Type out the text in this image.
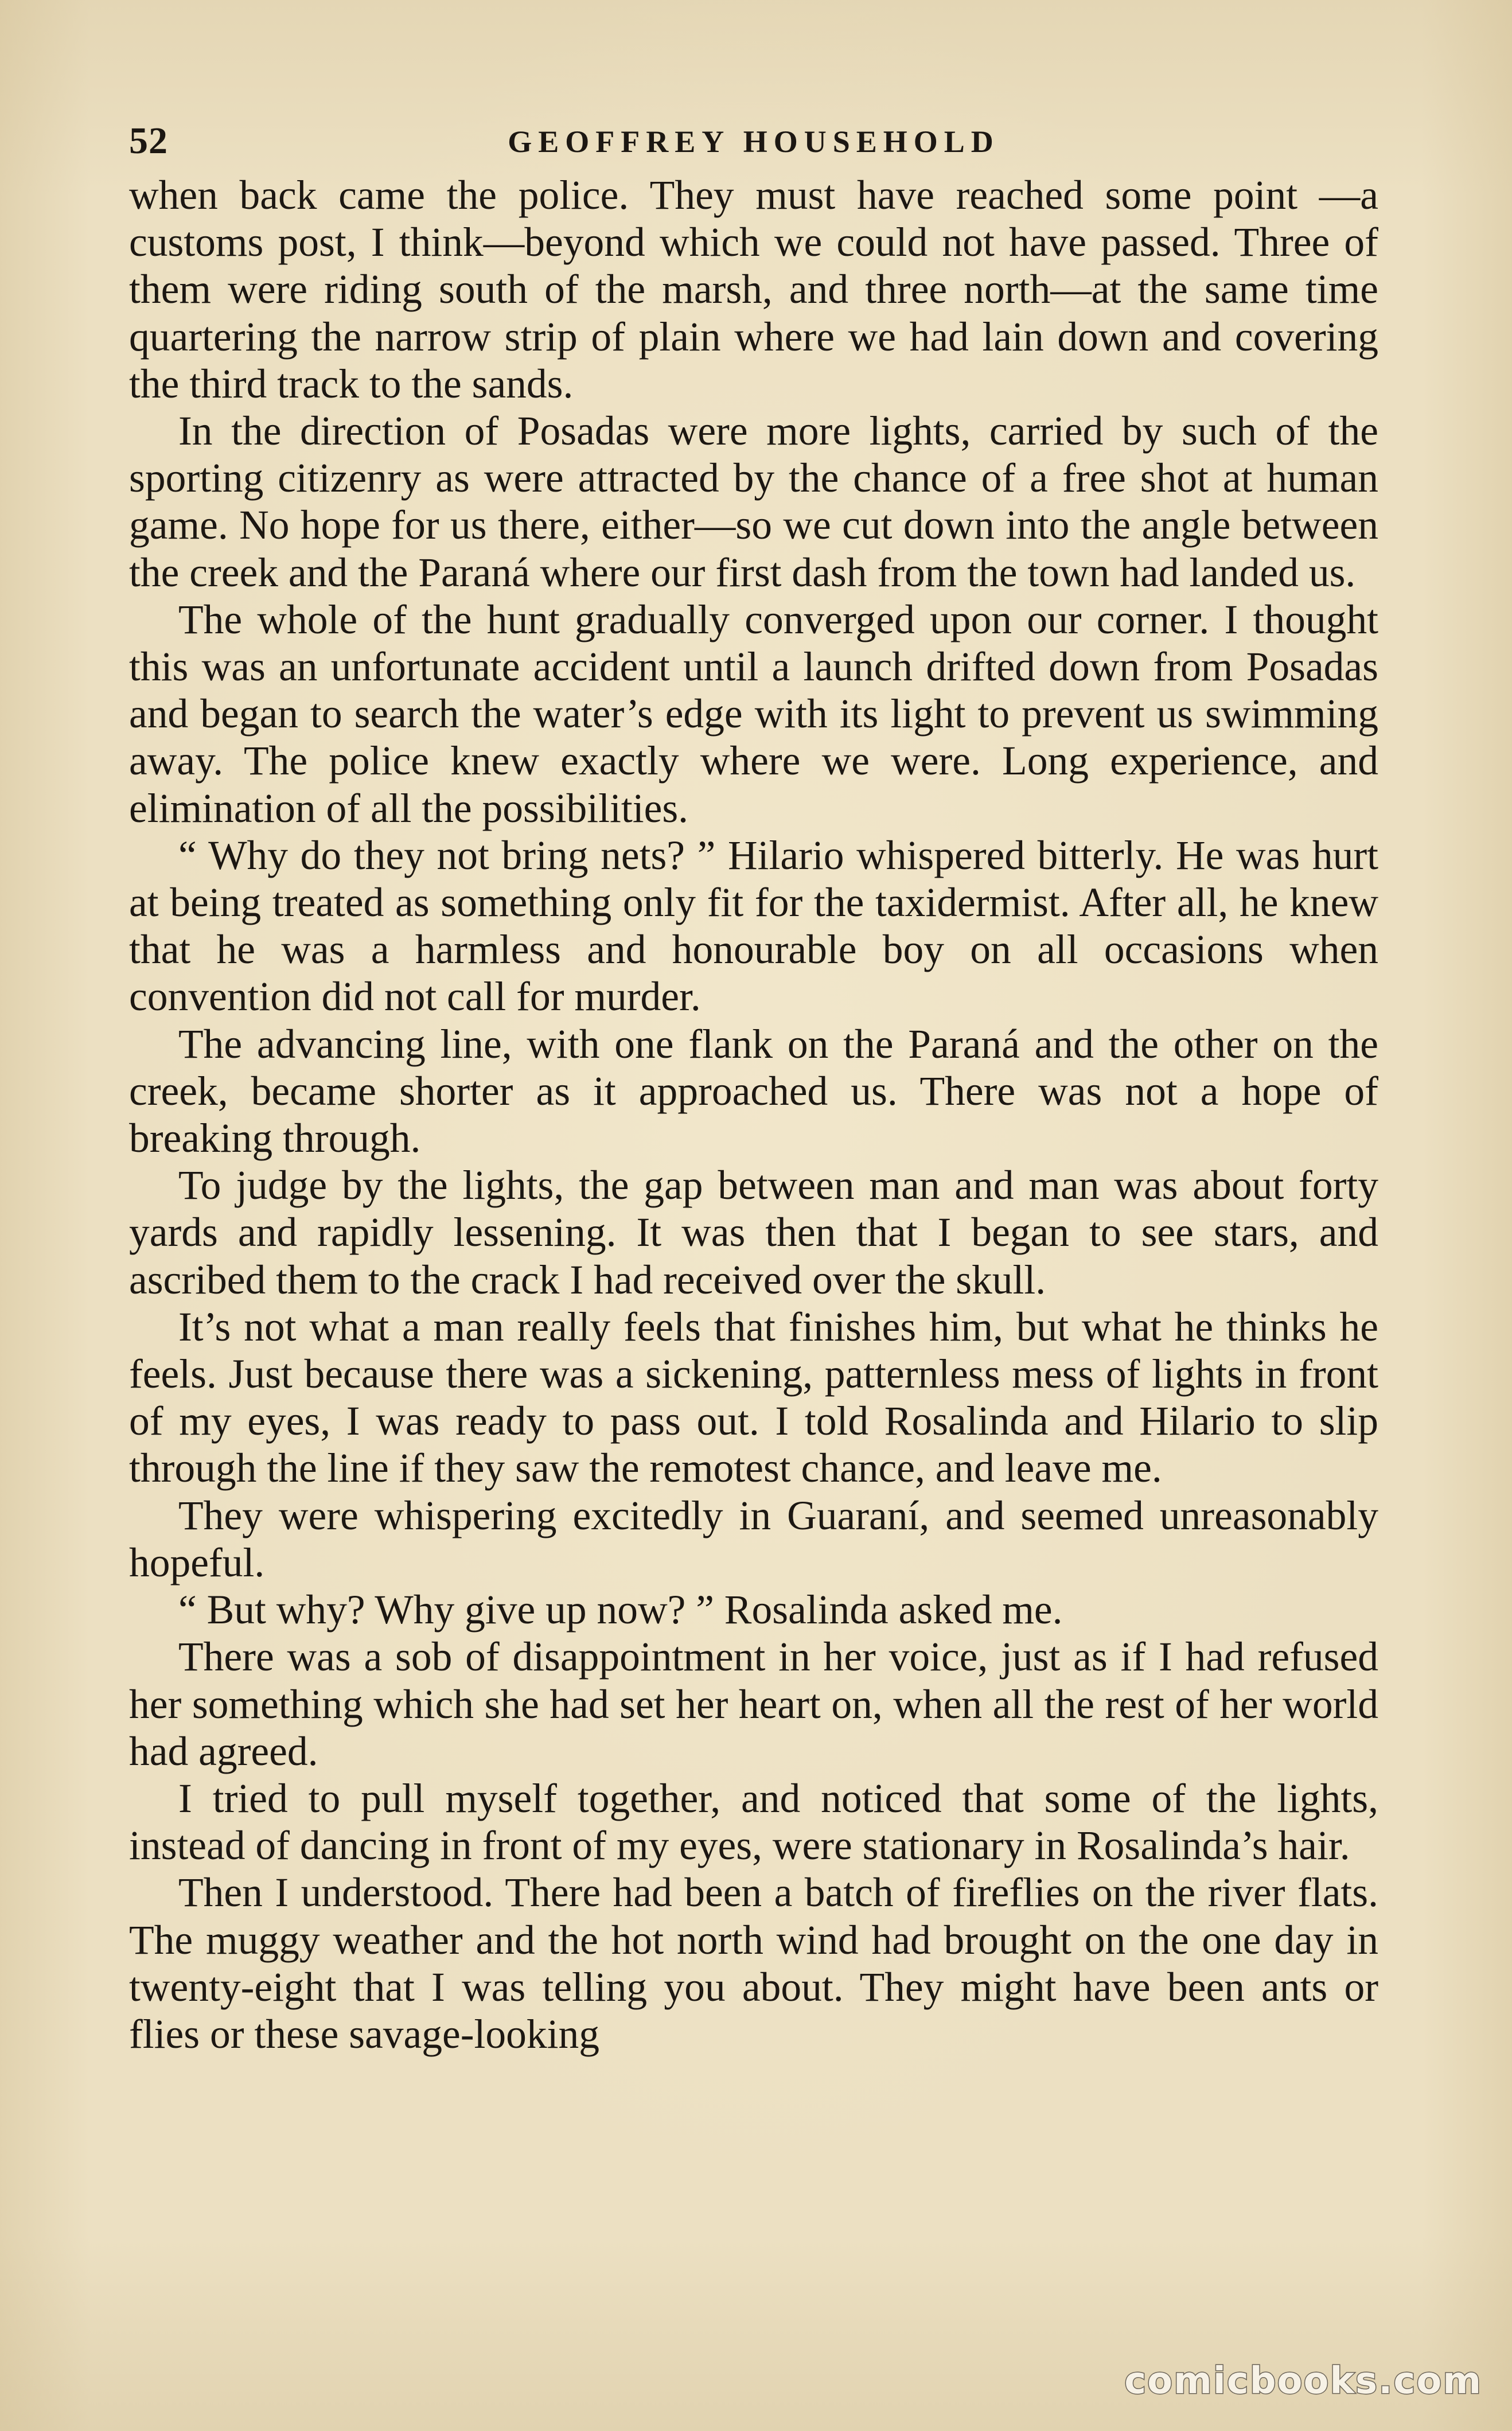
52	GEOFFREY HOUSEHOLD

when back came the police. They must have reached some point —a customs post, I think—beyond which we could not have passed. Three of them were riding south of the marsh, and three north—at the same time quartering the narrow strip of plain where we had lain down and covering the third track to the sands.

In the direction of Posadas were more lights, carried by such of the sporting citizenry as were attracted by the chance of a free shot at human game. No hope for us there, either—so we cut down into the angle between the creek and the Paraná where our first dash from the town had landed us.

The whole of the hunt gradually converged upon our corner. I thought this was an unfortunate accident until a launch drifted down from Posadas and began to search the water’s edge with its light to prevent us swimming away. The police knew exactly where we were. Long experience, and elimination of all the possibilities.

“ Why do they not bring nets? ” Hilario whispered bitterly. He was hurt at being treated as something only fit for the taxidermist. After all, he knew that he was a harmless and honourable boy on all occasions when convention did not call for murder.

The advancing line, with one flank on the Paraná and the other on the creek, became shorter as it approached us. There was not a hope of breaking through.

To judge by the lights, the gap between man and man was about forty yards and rapidly lessening. It was then that I began to see stars, and ascribed them to the crack I had received over the skull.

It’s not what a man really feels that finishes him, but what he thinks he feels. Just because there was a sickening, patternless mess of lights in front of my eyes, I was ready to pass out. I told Rosalinda and Hilario to slip through the line if they saw the remotest chance, and leave me.

They were whispering excitedly in Guaraní, and seemed unreasonably hopeful.

“ But why? Why give up now? ” Rosalinda asked me.

There was a sob of disappointment in her voice, just as if I had refused her something which she had set her heart on, when all the rest of her world had agreed.

I tried to pull myself together, and noticed that some of the lights, instead of dancing in front of my eyes, were stationary in Rosalinda’s hair.

Then I understood. There had been a batch of fireflies on the river flats. The muggy weather and the hot north wind had brought on the one day in twenty-eight that I was telling you about. They might have been ants or flies or these savage-looking

comicbooks.com
